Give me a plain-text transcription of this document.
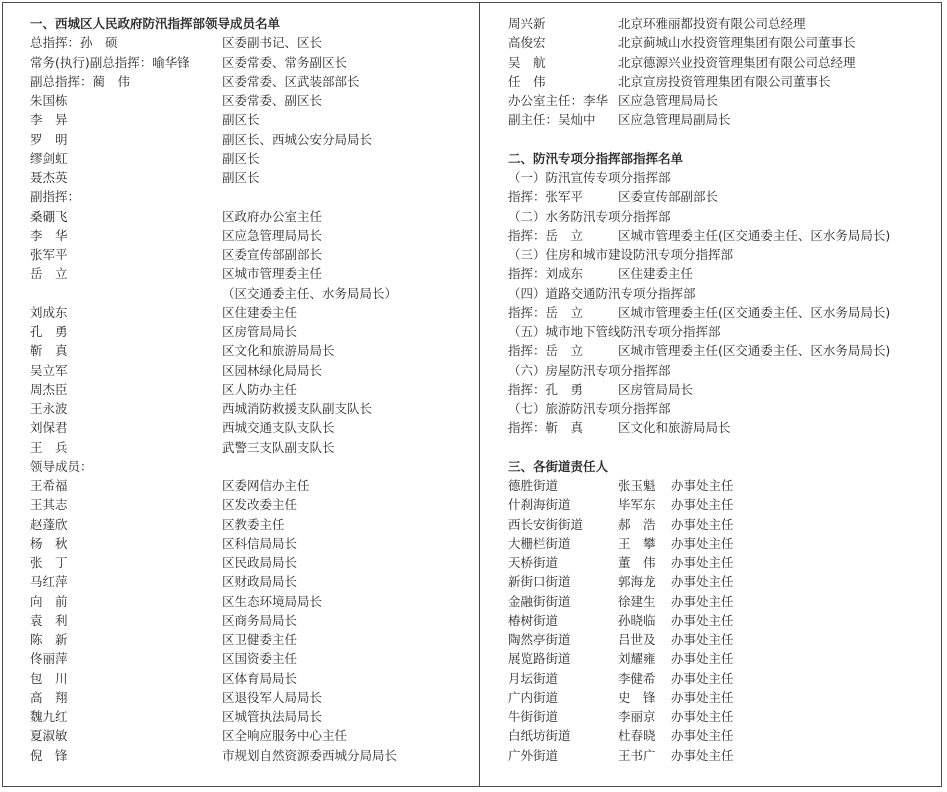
一、西城区人民政府防汛指挥部领导成员名单
总指挥：孙　硕	区委副书记、区长
常务(执行)副总指挥：喻华锋	区委常委、常务副区长
副总指挥：蔺　伟	区委常委、区武装部部长
朱国栋	区委常委、副区长
李　异	副区长
罗　明	副区长、西城公安分局局长
缪剑虹	副区长
聂杰英	副区长
副指挥：
桑硼飞	区政府办公室主任
李　华	区应急管理局局长
张军平	区委宣传部副部长
岳　立	区城市管理委主任
（区交通委主任、水务局局长）
刘成东	区住建委主任
孔　勇	区房管局局长
靳　真	区文化和旅游局局长
吴立军	区园林绿化局局长
周杰臣	区人防办主任
王永波	西城消防救援支队副支队长
刘保君	西城交通支队支队长
王　兵	武警三支队副支队长
领导成员：
王希福	区委网信办主任
王其志	区发改委主任
赵蓬欣	区教委主任
杨　秋	区科信局局长
张　丁	区民政局局长
马红萍	区财政局局长
向　前	区生态环境局局长
袁　利	区商务局局长
陈　新	区卫健委主任
佟丽萍	区国资委主任
包　川	区体育局局长
高　翔	区退役军人局局长
魏九红	区城管执法局局长
夏淑敏	区全响应服务中心主任
倪　锋	市规划自然资源委西城分局局长
周兴新	北京环雅丽都投资有限公司总经理
高俊宏	北京蓟城山水投资管理集团有限公司董事长
吴　航	北京德源兴业投资管理集团有限公司总经理
任　伟	北京宣房投资管理集团有限公司董事长
办公室主任：李华 区应急管理局局长
副主任：吴灿中 区应急管理局副局长
二、防汛专项分指挥部指挥名单
（一）防汛宣传专项分指挥部
指挥：张军平	区委宣传部副部长
（二）水务防汛专项分指挥部
指挥：岳　立	区城市管理委主任(区交通委主任、区水务局局长)
（三）住房和城市建设防汛专项分指挥部
指挥：刘成东	区住建委主任
（四）道路交通防汛专项分指挥部
指挥：岳　立	区城市管理委主任(区交通委主任、区水务局局长)
（五）城市地下管线防汛专项分指挥部
指挥：岳　立	区城市管理委主任(区交通委主任、区水务局局长)
（六）房屋防汛专项分指挥部
指挥：孔　勇	区房管局局长
（七）旅游防汛专项分指挥部
指挥：靳　真	区文化和旅游局局长
三、各街道责任人
德胜街道	张玉魁 办事处主任
什刹海街道	毕军东 办事处主任
西长安街街道	郝　浩 办事处主任
大栅栏街道	王　攀 办事处主任
天桥街道	董　伟 办事处主任
新街口街道	郭海龙 办事处主任
金融街街道	徐建生 办事处主任
椿树街道	孙晓临 办事处主任
陶然亭街道	吕世及 办事处主任
展览路街道	刘耀雍 办事处主任
月坛街道	李健希 办事处主任
广内街道	史　锋 办事处主任
牛街街道	李丽京 办事处主任
白纸坊街道	杜春晓 办事处主任
广外街道	王书广 办事处主任
